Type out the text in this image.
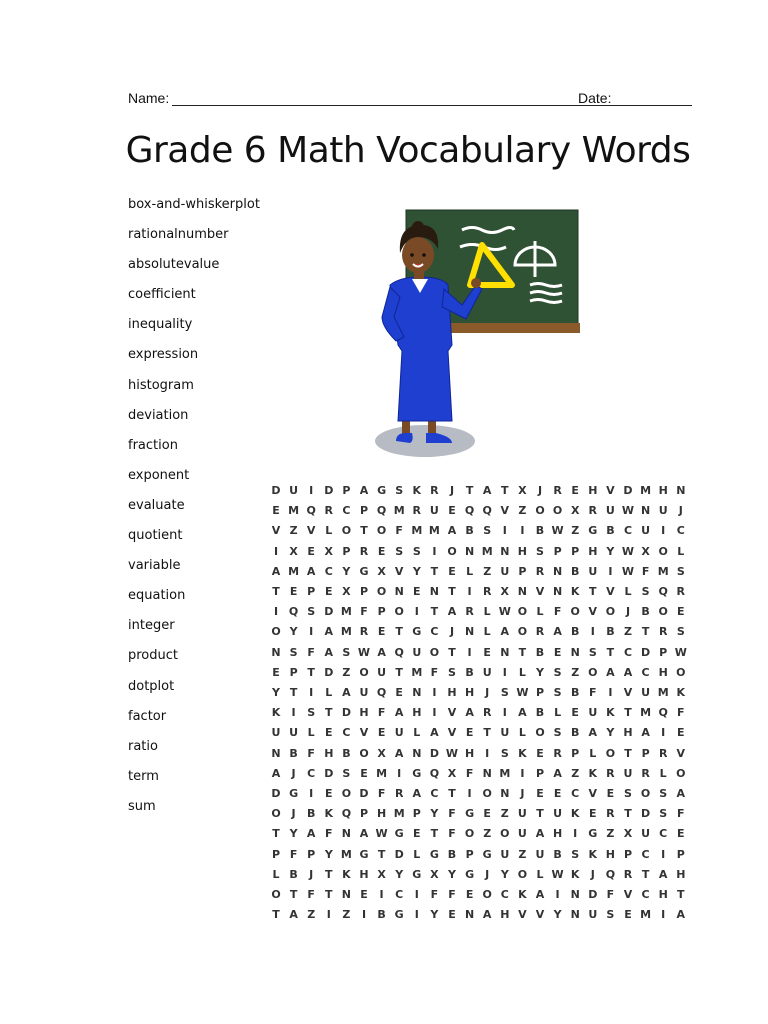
Name:	Date:
Grade 6 Math Vocabulary Words
box-and-whiskerplot
rationalnumber
absolutevalue
coefficient
inequality
expression
histogram
deviation
fraction
exponent
evaluate
quotient
variable
equation
integer
product
dotplot
factor
ratio
term
sum
D U	I D P A G S K R	J	T A T X	J	R E H V D M H N
E M Q R C P Q M R U E Q Q V Z O O X R U W N U	J
V Z V L O T O F M M A B S	I	I	B W Z G B C U	I	C
I	X E X P R E S S	I O N M N H S P P H Y W X O L
A M A C Y G X V Y T E L Z U P R N B U	I W F M S
T E P E X P O N E N T	I	R X N V N K T V L S Q R
I Q S D M F P O I	T A R L W O L F O V O J	B O E
O Y	I	A M R E T G C	J N L A O R A B	I	B Z T R S
N S F A S W A Q U O T	I	E N T B E N S T C D P W
E P T D Z O U T M F S B U	I	L Y S Z O A A C H O
Y T	I	L A U Q E N I H H J	S W P S B F	I	V U M K
K	I	S T D H F A H I	V A R	I	A B L E U K T M Q F
U U L E C V E U L A V E T U L O S B A Y H A	I	E
N B F H B O X A N D W H I	S K E R P L O T P R V
A	J	C D S E M I	G Q X F N M I	P A Z K R U R L O
D G	I	E O D F R A C T	I O N J	E E C V E S O S A
O J	B K Q P H M P Y F G E Z U T U K E R T D S F
T Y A F N A W G E T F O Z O U A H I	G Z X U C E
P F P Y M G T D L G B P G U Z U B S K H P C	I	P
L B	J	T K H X Y G X Y G	J	Y O L W K	J Q R T A H
O T F T N E	I	C	I	F F E O C K A	I N D F V C H T
T A Z	I	Z	I	B G	I	Y E N A H V V Y N U S E M I	A
